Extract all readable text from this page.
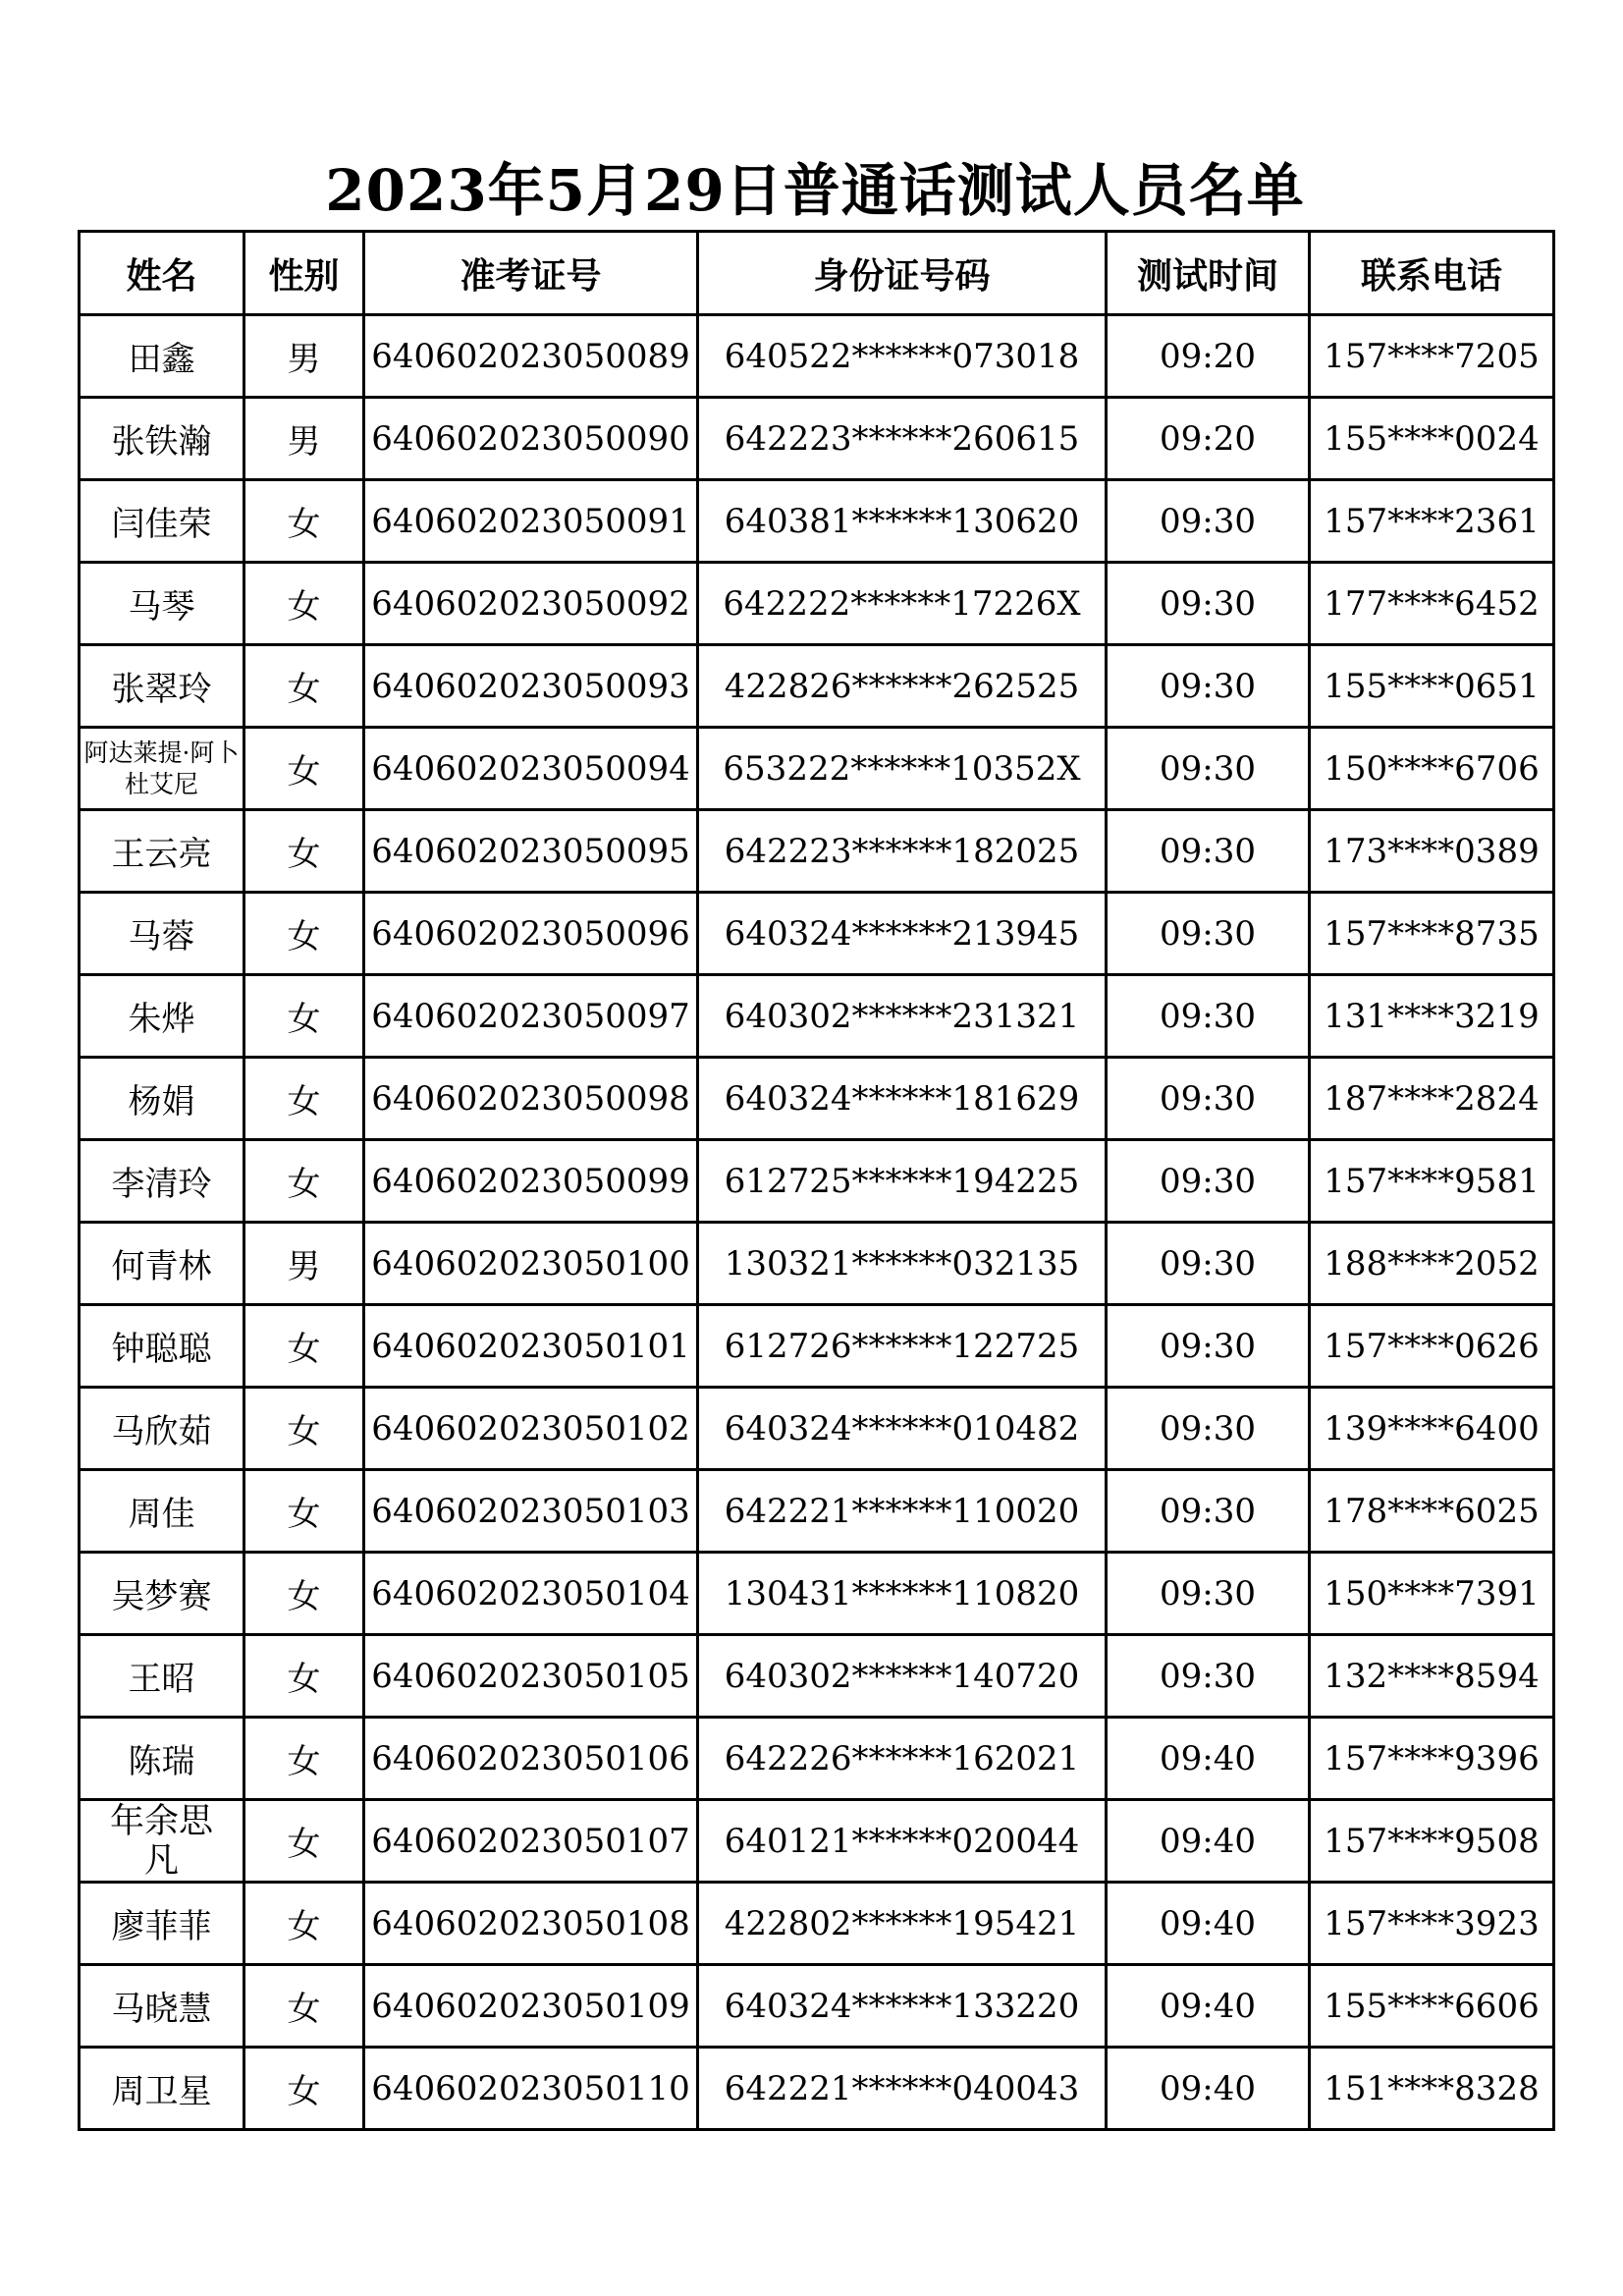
2023年5月29日普通话测试人员名单
姓名	性别	准考证号	身份证号码	测试时间	联系电话
田鑫	男	640602023050089	640522******073018	09:20	157****7205
张铁瀚	男	640602023050090	642223******260615	09:20	155****0024
闫佳荣	女	640602023050091	640381******130620	09:30	157****2361
马琴	女	640602023050092	642222******17226X	09:30	177****6452
张翠玲	女	640602023050093	422826******262525	09:30	155****0651
阿达莱提·阿卜杜艾尼	女	640602023050094	653222******10352X	09:30	150****6706
王云亮	女	640602023050095	642223******182025	09:30	173****0389
马蓉	女	640602023050096	640324******213945	09:30	157****8735
朱烨	女	640602023050097	640302******231321	09:30	131****3219
杨娟	女	640602023050098	640324******181629	09:30	187****2824
李清玲	女	640602023050099	612725******194225	09:30	157****9581
何青林	男	640602023050100	130321******032135	09:30	188****2052
钟聪聪	女	640602023050101	612726******122725	09:30	157****0626
马欣茹	女	640602023050102	640324******010482	09:30	139****6400
周佳	女	640602023050103	642221******110020	09:30	178****6025
吴梦赛	女	640602023050104	130431******110820	09:30	150****7391
王昭	女	640602023050105	640302******140720	09:30	132****8594
陈瑞	女	640602023050106	642226******162021	09:40	157****9396
年余思凡	女	640602023050107	640121******020044	09:40	157****9508
廖菲菲	女	640602023050108	422802******195421	09:40	157****3923
马晓慧	女	640602023050109	640324******133220	09:40	155****6606
周卫星	女	640602023050110	642221******040043	09:40	151****8328
